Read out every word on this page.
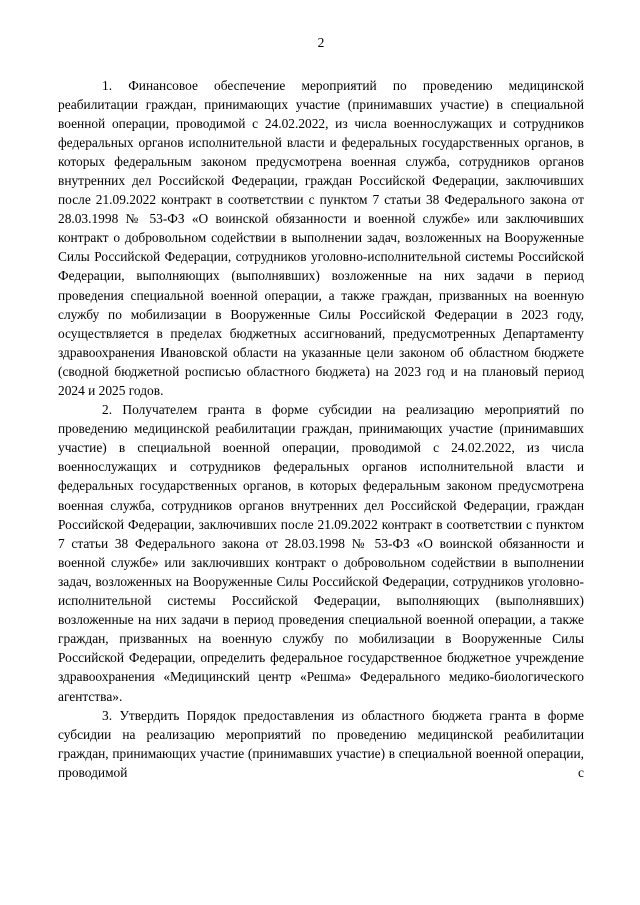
2

1. Финансовое обеспечение мероприятий по проведению медицинской реабилитации граждан, принимающих участие (принимавших участие) в специальной военной операции, проводимой с 24.02.2022, из числа военнослужащих и сотрудников федеральных органов исполнительной власти и федеральных государственных органов, в которых федеральным законом предусмотрена военная служба, сотрудников органов внутренних дел Российской Федерации, граждан Российской Федерации, заключивших после 21.09.2022 контракт в соответствии с пунктом 7 статьи 38 Федерального закона от 28.03.1998 № 53-ФЗ «О воинской обязанности и военной службе» или заключивших контракт о добровольном содействии в выполнении задач, возложенных на Вооруженные Силы Российской Федерации, сотрудников уголовно-исполнительной системы Российской Федерации, выполняющих (выполнявших) возложенные на них задачи в период проведения специальной военной операции, а также граждан, призванных на военную службу по мобилизации в Вооруженные Силы Российской Федерации в 2023 году, осуществляется в пределах бюджетных ассигнований, предусмотренных Департаменту здравоохранения Ивановской области на указанные цели законом об областном бюджете (сводной бюджетной росписью областного бюджета) на 2023 год и на плановый период 2024 и 2025 годов.

2. Получателем гранта в форме субсидии на реализацию мероприятий по проведению медицинской реабилитации граждан, принимающих участие (принимавших участие) в специальной военной операции, проводимой с 24.02.2022, из числа военнослужащих и сотрудников федеральных органов исполнительной власти и федеральных государственных органов, в которых федеральным законом предусмотрена военная служба, сотрудников органов внутренних дел Российской Федерации, граждан Российской Федерации, заключивших после 21.09.2022 контракт в соответствии с пунктом 7 статьи 38 Федерального закона от 28.03.1998 № 53-ФЗ «О воинской обязанности и военной службе» или заключивших контракт о добровольном содействии в выполнении задач, возложенных на Вооруженные Силы Российской Федерации, сотрудников уголовно-исполнительной системы Российской Федерации, выполняющих (выполнявших) возложенные на них задачи в период проведения специальной военной операции, а также граждан, призванных на военную службу по мобилизации в Вооруженные Силы Российской Федерации, определить федеральное государственное бюджетное учреждение здравоохранения «Медицинский центр «Решма» Федерального медико-биологического агентства».

3. Утвердить Порядок предоставления из областного бюджета гранта в форме субсидии на реализацию мероприятий по проведению медицинской реабилитации граждан, принимающих участие (принимавших участие) в специальной военной операции, проводимой с
